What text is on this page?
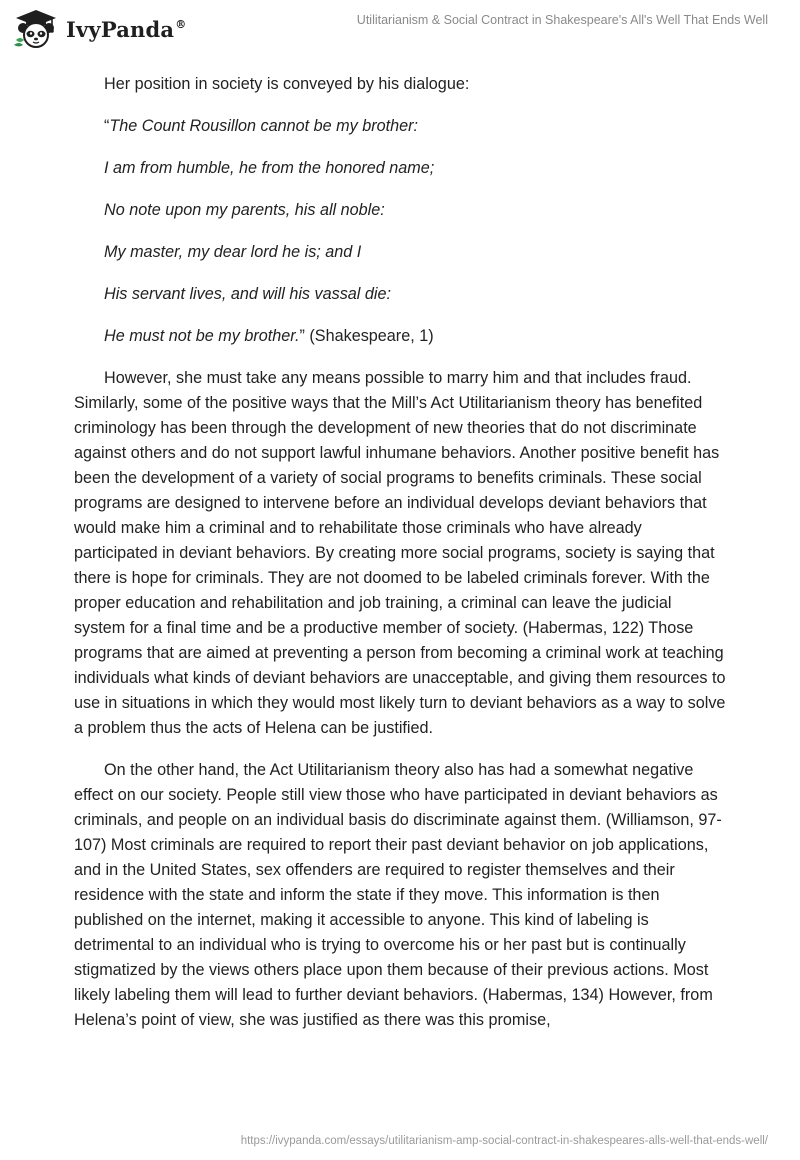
IvyPanda®	Utilitarianism & Social Contract in Shakespeare's All's Well That Ends Well

Her position in society is conveyed by his dialogue:

“The Count Rousillon cannot be my brother:

I am from humble, he from the honored name;

No note upon my parents, his all noble:

My master, my dear lord he is; and I

His servant lives, and will his vassal die:

He must not be my brother.” (Shakespeare, 1)

However, she must take any means possible to marry him and that includes fraud. Similarly, some of the positive ways that the Mill’s Act Utilitarianism theory has benefited criminology has been through the development of new theories that do not discriminate against others and do not support lawful inhumane behaviors. Another positive benefit has been the development of a variety of social programs to benefits criminals. These social programs are designed to intervene before an individual develops deviant behaviors that would make him a criminal and to rehabilitate those criminals who have already participated in deviant behaviors. By creating more social programs, society is saying that there is hope for criminals. They are not doomed to be labeled criminals forever. With the proper education and rehabilitation and job training, a criminal can leave the judicial system for a final time and be a productive member of society. (Habermas, 122) Those programs that are aimed at preventing a person from becoming a criminal work at teaching individuals what kinds of deviant behaviors are unacceptable, and giving them resources to use in situations in which they would most likely turn to deviant behaviors as a way to solve a problem thus the acts of Helena can be justified.

On the other hand, the Act Utilitarianism theory also has had a somewhat negative effect on our society. People still view those who have participated in deviant behaviors as criminals, and people on an individual basis do discriminate against them. (Williamson, 97-107) Most criminals are required to report their past deviant behavior on job applications, and in the United States, sex offenders are required to register themselves and their residence with the state and inform the state if they move. This information is then published on the internet, making it accessible to anyone. This kind of labeling is detrimental to an individual who is trying to overcome his or her past but is continually stigmatized by the views others place upon them because of their previous actions. Most likely labeling them will lead to further deviant behaviors. (Habermas, 134) However, from Helena’s point of view, she was justified as there was this promise,

https://ivypanda.com/essays/utilitarianism-amp-social-contract-in-shakespeares-alls-well-that-ends-well/
